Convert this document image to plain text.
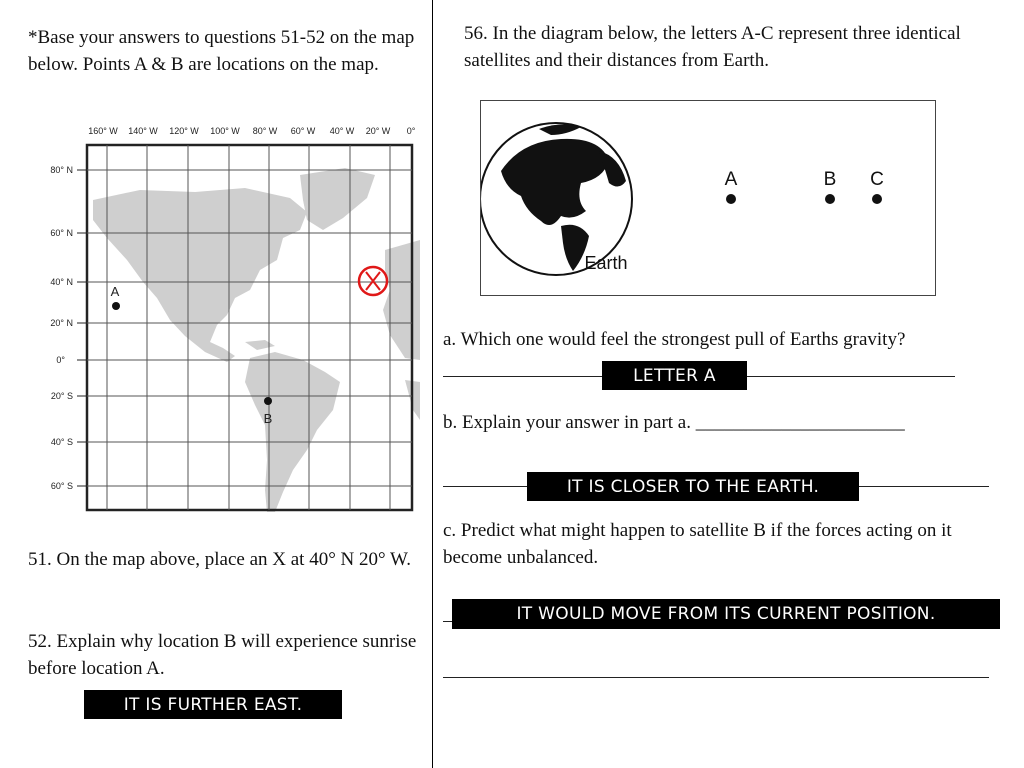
*Base your answers to questions 51-52 on the map below. Points A & B are locations on the map.

160° W 140° W 120° W 100° W 80° W 60° W 40° W 20° W 0°
80° N
60° N
40° N
20° N
0°
20° S
40° S
60° S
A
B

51. On the map above, place an X at 40° N 20° W.

52. Explain why location B will experience sunrise before location A.

IT IS FURTHER EAST.

56. In the diagram below, the letters A-C represent three identical satellites and their distances from Earth.

Earth
A	B C

a. Which one would feel the strongest pull of Earths gravity?

LETTER A

b. Explain your answer in part a. ______________________

IT IS CLOSER TO THE EARTH.

c. Predict what might happen to satellite B if the forces acting on it become unbalanced.

IT WOULD MOVE FROM ITS CURRENT POSITION.
